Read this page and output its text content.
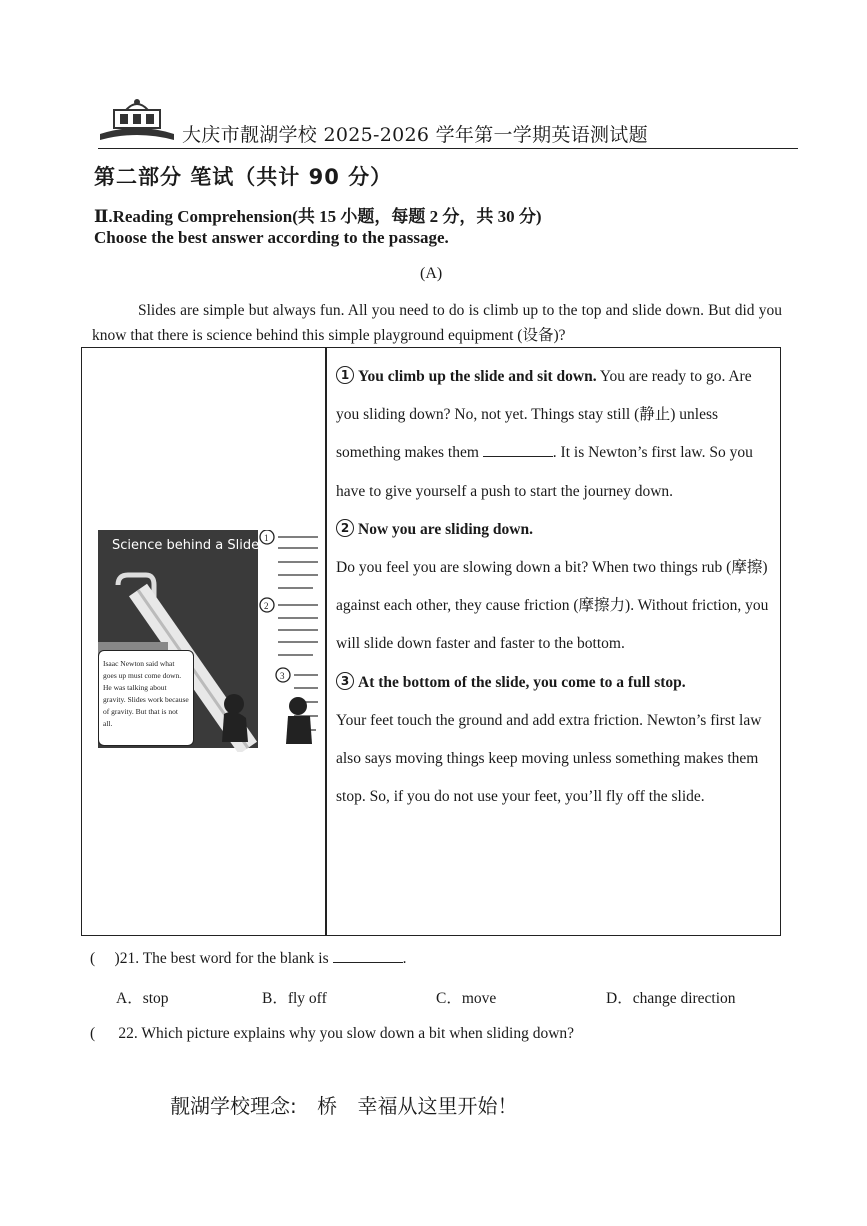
大庆市靓湖学校 2025-2026 学年第一学期英语测试题
第二部分 笔试（共计 90 分）
Ⅱ.Reading Comprehension(共 15 小题，每题 2 分，共 30 分)
Choose the best answer according to the passage.
(A)
Slides are simple but always fun. All you need to do is climb up to the top and slide down. But did you know that there is science behind this simple playground equipment (设备)?
1
2
3
Science behind a Slide
Isaac Newton said what goes up must come down. He was talking about gravity. Slides work because of gravity. But that is not all.

1 You climb up the slide and sit down. You are ready to go. Are you sliding down? No, not yet. Things stay still (静止) unless something makes them	. It is Newton’s first law. So you have to give yourself a push to start the journey down.

2 Now you are sliding down.
Do you feel you are slowing down a bit? When two things rub (摩擦) against each other, they cause friction (摩擦力). Without friction, you will slide down faster and faster to the bottom.

3 At the bottom of the slide, you come to a full stop.
Your feet touch the ground and add extra friction. Newton’s first law also says moving things keep moving unless something makes them stop. So, if you do not use your feet, you’ll fly off the slide.

(     )21. The best word for the blank is	.
A．stop	B．fly off	C．move	D．change direction
(      22. Which picture explains why you slow down a bit when sliding down?
靓湖学校理念: 桥 幸福从这里开始！
